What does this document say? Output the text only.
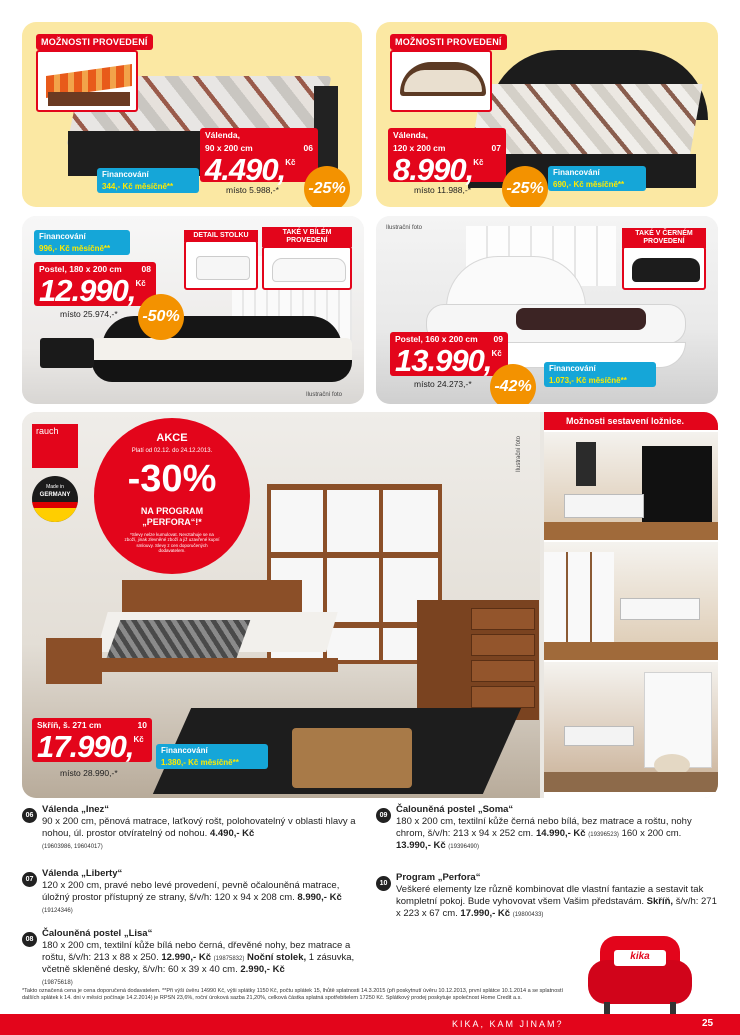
MOŽNOSTI PROVEDENÍ
Financování
344,- Kč měsíčně**
Válenda,
90 x 200 cm	06
4.490,$^{Kč}$
místo 5.988,-* -25%
MOŽNOSTI PROVEDENÍ
Válenda,
120 x 200 cm	07
8.990,$^{Kč}$
místo 11.988,-* -25%
Financování
690,- Kč měsíčně**
Financování
996,- Kč měsíčně**
Postel, 180 x 200 cm 08
12.990,$^{Kč}$
místo 25.974,-* -50%
DETAIL STOLKU	TAKÉ V BÍLÉM PROVEDENÍ
Ilustrační foto
Ilustrační foto
TAKÉ V ČERNÉM PROVEDENÍ
Postel, 160 x 200 cm 09
13.990,$^{Kč}$
místo 24.273,-* -42%
Financování
1.073,- Kč měsíčně**
rauch
Made in
GERMANY
AKCE
Platí od 02.12. do 24.12.2013.
-30%
NA PROGRAM
„PERFORA“!*
*Slevy nelze kumulovat. Nevztahuje se na zboží, jinak zlevněné zboží a již uzavřené kupní smlouvy. Slevy z cen doporučených dodavatelem.
Ilustrační foto
Skříň, š. 271 cm	10
17.990,$^{Kč}$
místo 28.990,-*
Financování
1.380,- Kč měsíčně**
Možnosti sestavení ložnice.
06
Válenda „Inez“
90 x 200 cm, pěnová matrace, laťkový rošt, polohovatelný v oblasti hlavy a nohou, úl. prostor otvíratelný od nohou. 4.490,- Kč
(19603986, 19604017)
07
Válenda „Liberty“
120 x 200 cm, pravé nebo levé provedení, pevně očalouněná matrace, úložný prostor přístupný ze strany, š/v/h: 120 x 94 x 208 cm. 8.990,- Kč
(19124346)
08
Čalouněná postel „Lisa“
180 x 200 cm, textilní kůže bílá nebo černá, dřevěné nohy, bez matrace a roštu, š/v/h: 213 x 88 x 250. 12.990,- Kč (19875832) Noční stolek, 1 zásuvka, včetně skleněné desky, š/v/h: 60 x 39 x 40 cm. 2.990,- Kč
(19875618)
09
Čalouněná postel „Soma“
180 x 200 cm, textilní kůže černá nebo bílá, bez matrace a roštu, nohy chrom, š/v/h: 213 x 94 x 252 cm. 14.990,- Kč (19396523) 160 x 200 cm. 13.990,- Kč (19396490)
10
Program „Perfora“
Veškeré elementy lze různě kombinovat dle vlastní fantazie a sestavit tak kompletní pokoj. Bude vyhovovat všem Vašim představám. Skříň, š/v/h: 271 x 223 x 67 cm. 17.990,- Kč (19800433)
kika
*Takto označená cena je cena doporučená dodavatelem. **Při výši úvěru 14990 Kč, výši splátky 1150 Kč, počtu splátek 15, lhůtě splatnosti 14.3.2015 (při poskytnutí úvěru 10.12.2013, první splátce 10.1.2014 a se splatností dalších splátek k 14. dni v měsíci počínaje 14.2.2014) je RPSN 23,6%, roční úroková sazba 21,20%, celková částka splatná spotřebitelem 17250 Kč. Splátkový prodej poskytuje společnost Home Credit a.s.
KIKA, KAM JINAM?	25
